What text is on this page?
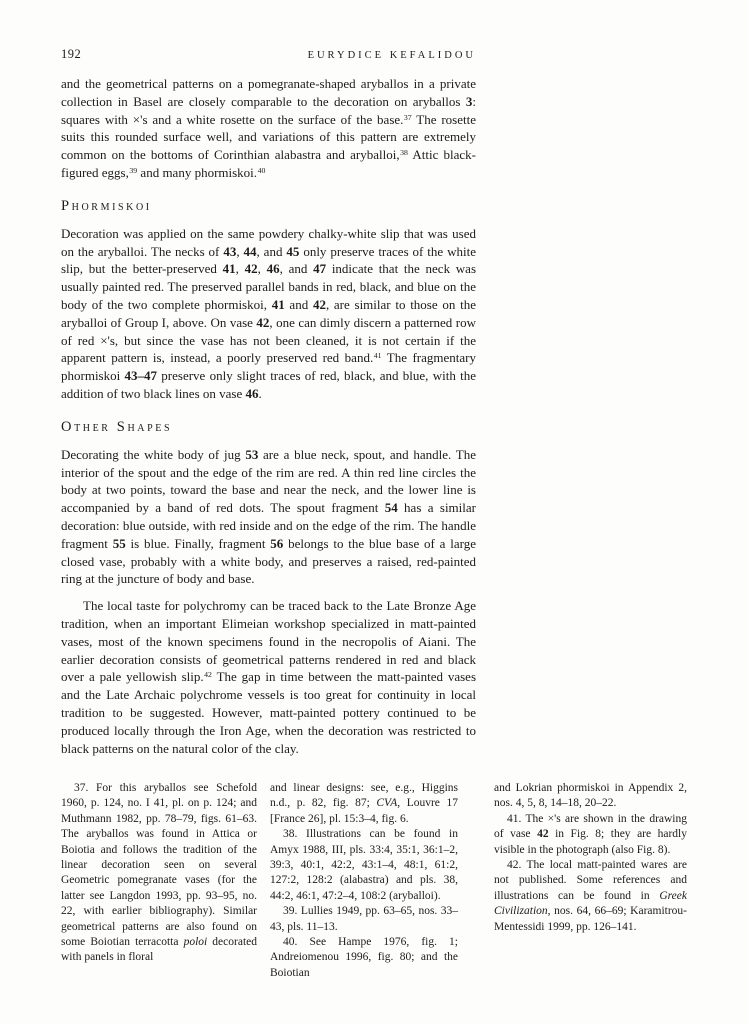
192	EURYDICE KEFALIDOU

and the geometrical patterns on a pomegranate-shaped aryballos in a private collection in Basel are closely comparable to the decoration on aryballos 3: squares with ×'s and a white rosette on the surface of the base.$^{37}$ The rosette suits this rounded surface well, and variations of this pattern are extremely common on the bottoms of Corinthian alabastra and aryballoi,$^{38}$ Attic black-figured eggs,$^{39}$ and many phormiskoi.$^{40}$

Phormiskoi

Decoration was applied on the same powdery chalky-white slip that was used on the aryballoi. The necks of 43, 44, and 45 only preserve traces of the white slip, but the better-preserved 41, 42, 46, and 47 indicate that the neck was usually painted red. The preserved parallel bands in red, black, and blue on the body of the two complete phormiskoi, 41 and 42, are similar to those on the aryballoi of Group I, above. On vase 42, one can dimly discern a patterned row of red ×'s, but since the vase has not been cleaned, it is not certain if the apparent pattern is, instead, a poorly preserved red band.$^{41}$ The fragmentary phormiskoi 43–47 preserve only slight traces of red, black, and blue, with the addition of two black lines on vase 46.

Other Shapes

Decorating the white body of jug 53 are a blue neck, spout, and handle. The interior of the spout and the edge of the rim are red. A thin red line circles the body at two points, toward the base and near the neck, and the lower line is accompanied by a band of red dots. The spout fragment 54 has a similar decoration: blue outside, with red inside and on the edge of the rim. The handle fragment 55 is blue. Finally, fragment 56 belongs to the blue base of a large closed vase, probably with a white body, and preserves a raised, red-painted ring at the juncture of body and base.

The local taste for polychromy can be traced back to the Late Bronze Age tradition, when an important Elimeian workshop specialized in matt-painted vases, most of the known specimens found in the necropolis of Aiani. The earlier decoration consists of geometrical patterns rendered in red and black over a pale yellowish slip.$^{42}$ The gap in time between the matt-painted vases and the Late Archaic polychrome vessels is too great for continuity in local tradition to be suggested. However, matt-painted pottery continued to be produced locally through the Iron Age, when the decoration was restricted to black patterns on the natural color of the clay.

37. For this aryballos see Schefold 1960, p. 124, no. I 41, pl. on p. 124; and Muthmann 1982, pp. 78–79, figs. 61–63. The aryballos was found in Attica or Boiotia and follows the tradition of the linear decoration seen on several Geometric pomegranate vases (for the latter see Langdon 1993, pp. 93–95, no. 22, with earlier bibliography). Similar geometrical patterns are also found on some Boiotian terracotta poloi decorated with panels in floral

and linear designs: see, e.g., Higgins n.d., p. 82, fig. 87; CVA, Louvre 17 [France 26], pl. 15:3–4, fig. 6.

38. Illustrations can be found in Amyx 1988, III, pls. 33:4, 35:1, 36:1–2, 39:3, 40:1, 42:2, 43:1–4, 48:1, 61:2, 127:2, 128:2 (alabastra) and pls. 38, 44:2, 46:1, 47:2–4, 108:2 (aryballoi).

39. Lullies 1949, pp. 63–65, nos. 33–43, pls. 11–13.

40. See Hampe 1976, fig. 1; Andreiomenou 1996, fig. 80; and the Boiotian

and Lokrian phormiskoi in Appendix 2, nos. 4, 5, 8, 14–18, 20–22.

41. The ×'s are shown in the drawing of vase 42 in Fig. 8; they are hardly visible in the photograph (also Fig. 8).

42. The local matt-painted wares are not published. Some references and illustrations can be found in Greek Civilization, nos. 64, 66–69; Karamitrou-Mentessidi 1999, pp. 126–141.
